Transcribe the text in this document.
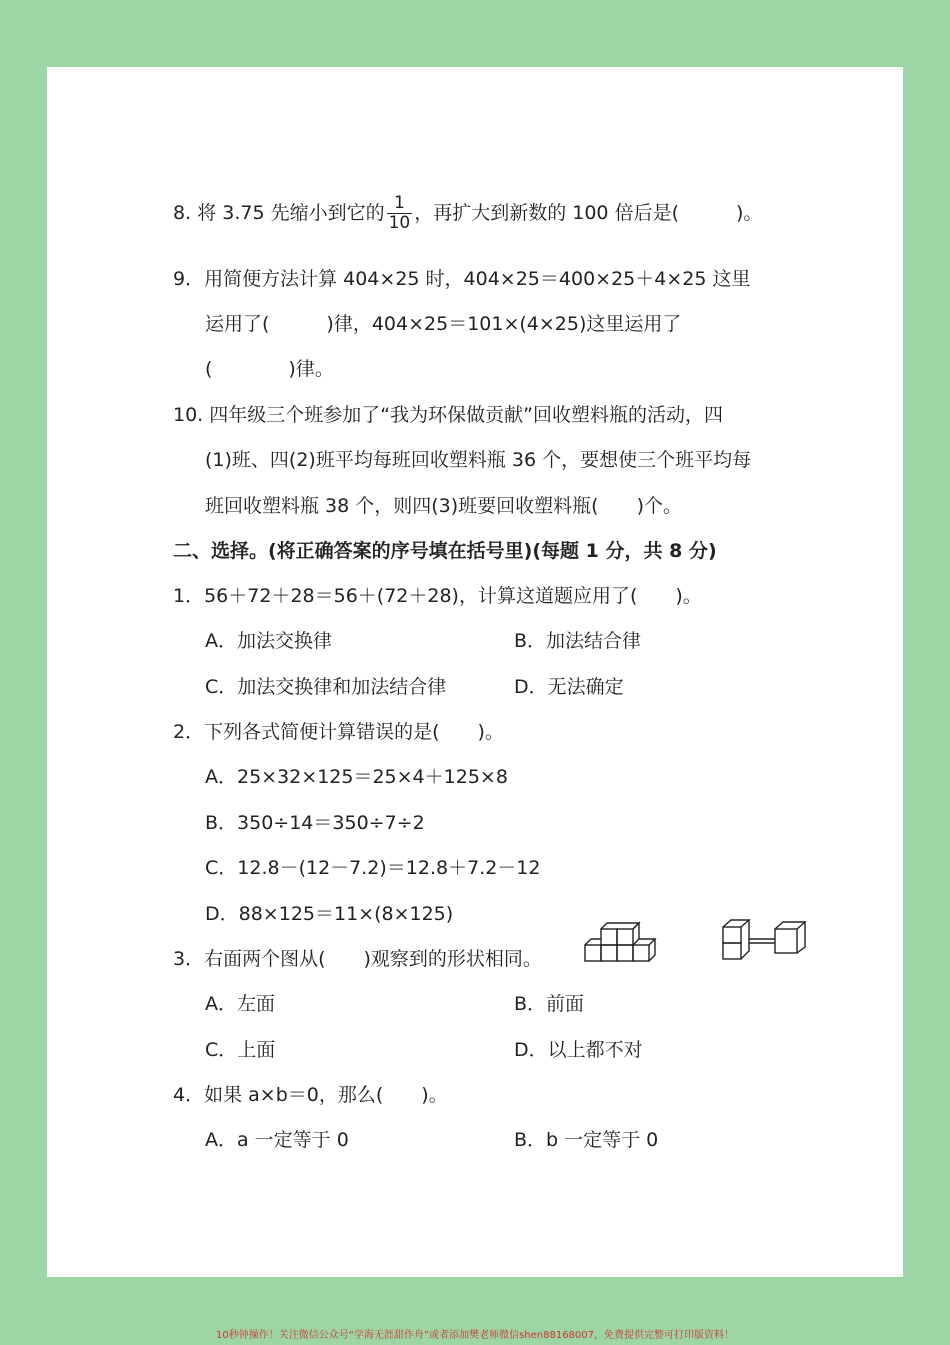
8. 将 3.75 先缩小到它的 $\frac{1}{10}$ ，再扩大到新数的 100 倍后是(　　　)。
9．用简便方法计算 404×25 时，404×25＝400×25＋4×25 这里
运用了(　　　)律，404×25＝101×(4×25)这里运用了
(　　　　)律。
10. 四年级三个班参加了“我为环保做贡献”回收塑料瓶的活动，四
(1)班、四(2)班平均每班回收塑料瓶 36 个，要想使三个班平均每
班回收塑料瓶 38 个，则四(3)班要回收塑料瓶(　　)个。
二、选择。(将正确答案的序号填在括号里)(每题 1 分，共 8 分)
1．56＋72＋28＝56＋(72＋28)，计算这道题应用了(　　)。
A．加法交换律	B．加法结合律
C．加法交换律和加法结合律	D．无法确定
2．下列各式简便计算错误的是(　　)。
A．25×32×125＝25×4＋125×8
B．350÷14＝350÷7÷2
C．12.8－(12－7.2)＝12.8＋7.2－12
D．88×125＝11×(8×125)
3．右面两个图从(　　)观察到的形状相同。
A．左面	B．前面
C．上面	D．以上都不对
4．如果 a×b＝0，那么(　　)。
A．a 一定等于 0	B．b 一定等于 0
10秒钟操作！关注微信公众号“学海无涯甜作舟”或者添加樊老师微信shen88168007，免费提供完整可打印版资料！
